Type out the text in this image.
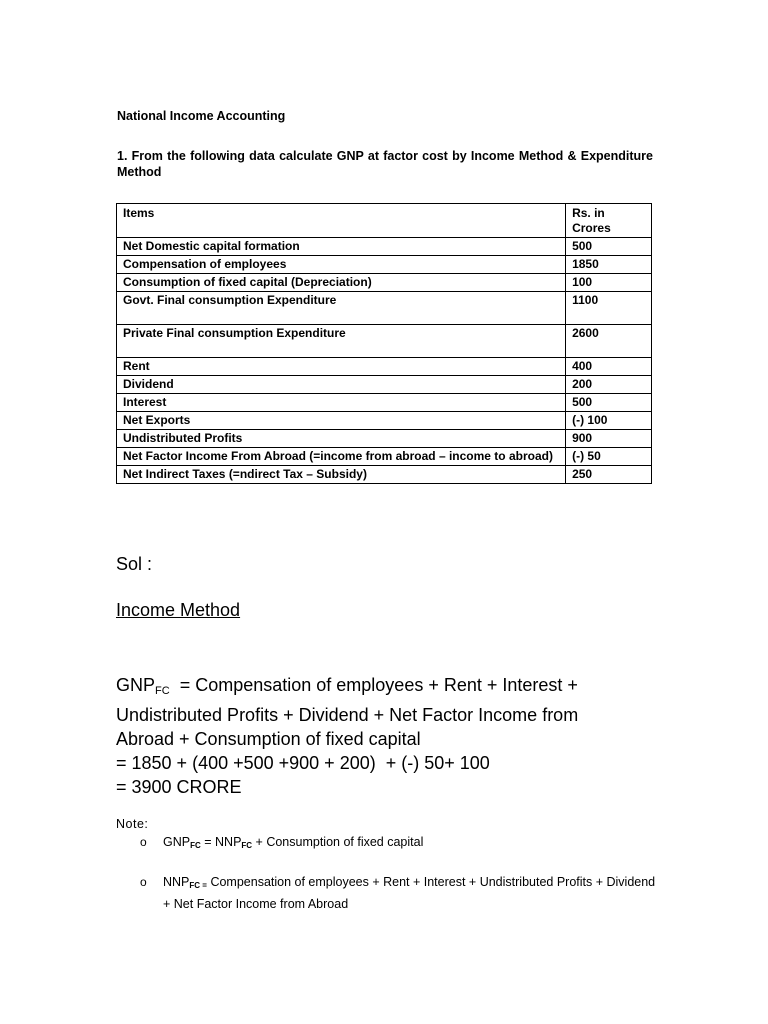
National Income Accounting
1. From the following data calculate GNP at factor cost by Income Method & Expenditure Method
Items	Rs. in Crores
Net Domestic capital formation	500
Compensation of employees	1850
Consumption of fixed capital (Depreciation)	100
Govt. Final consumption Expenditure	1100
Private Final consumption Expenditure	2600
Rent	400
Dividend	200
Interest	500
Net Exports	(-) 100
Undistributed Profits	900
Net Factor Income From Abroad (=income from abroad – income to abroad)	(-) 50
Net Indirect Taxes (=ndirect Tax – Subsidy)	250
Sol :
Income Method

$GNP_{FC}$  = Compensation of employees + Rent + Interest +

Undistributed Profits + Dividend + Net Factor Income from

Abroad + Consumption of fixed capital

= 1850 + (400 +500 +900 + 200)  + (-) 50+ 100

= 3900 CRORE

Note:
o GNPFC = NNPFC + Consumption of fixed capital
o NNPFC = Compensation of employees + Rent + Interest + Undistributed Profits + Dividend + Net Factor Income from Abroad
